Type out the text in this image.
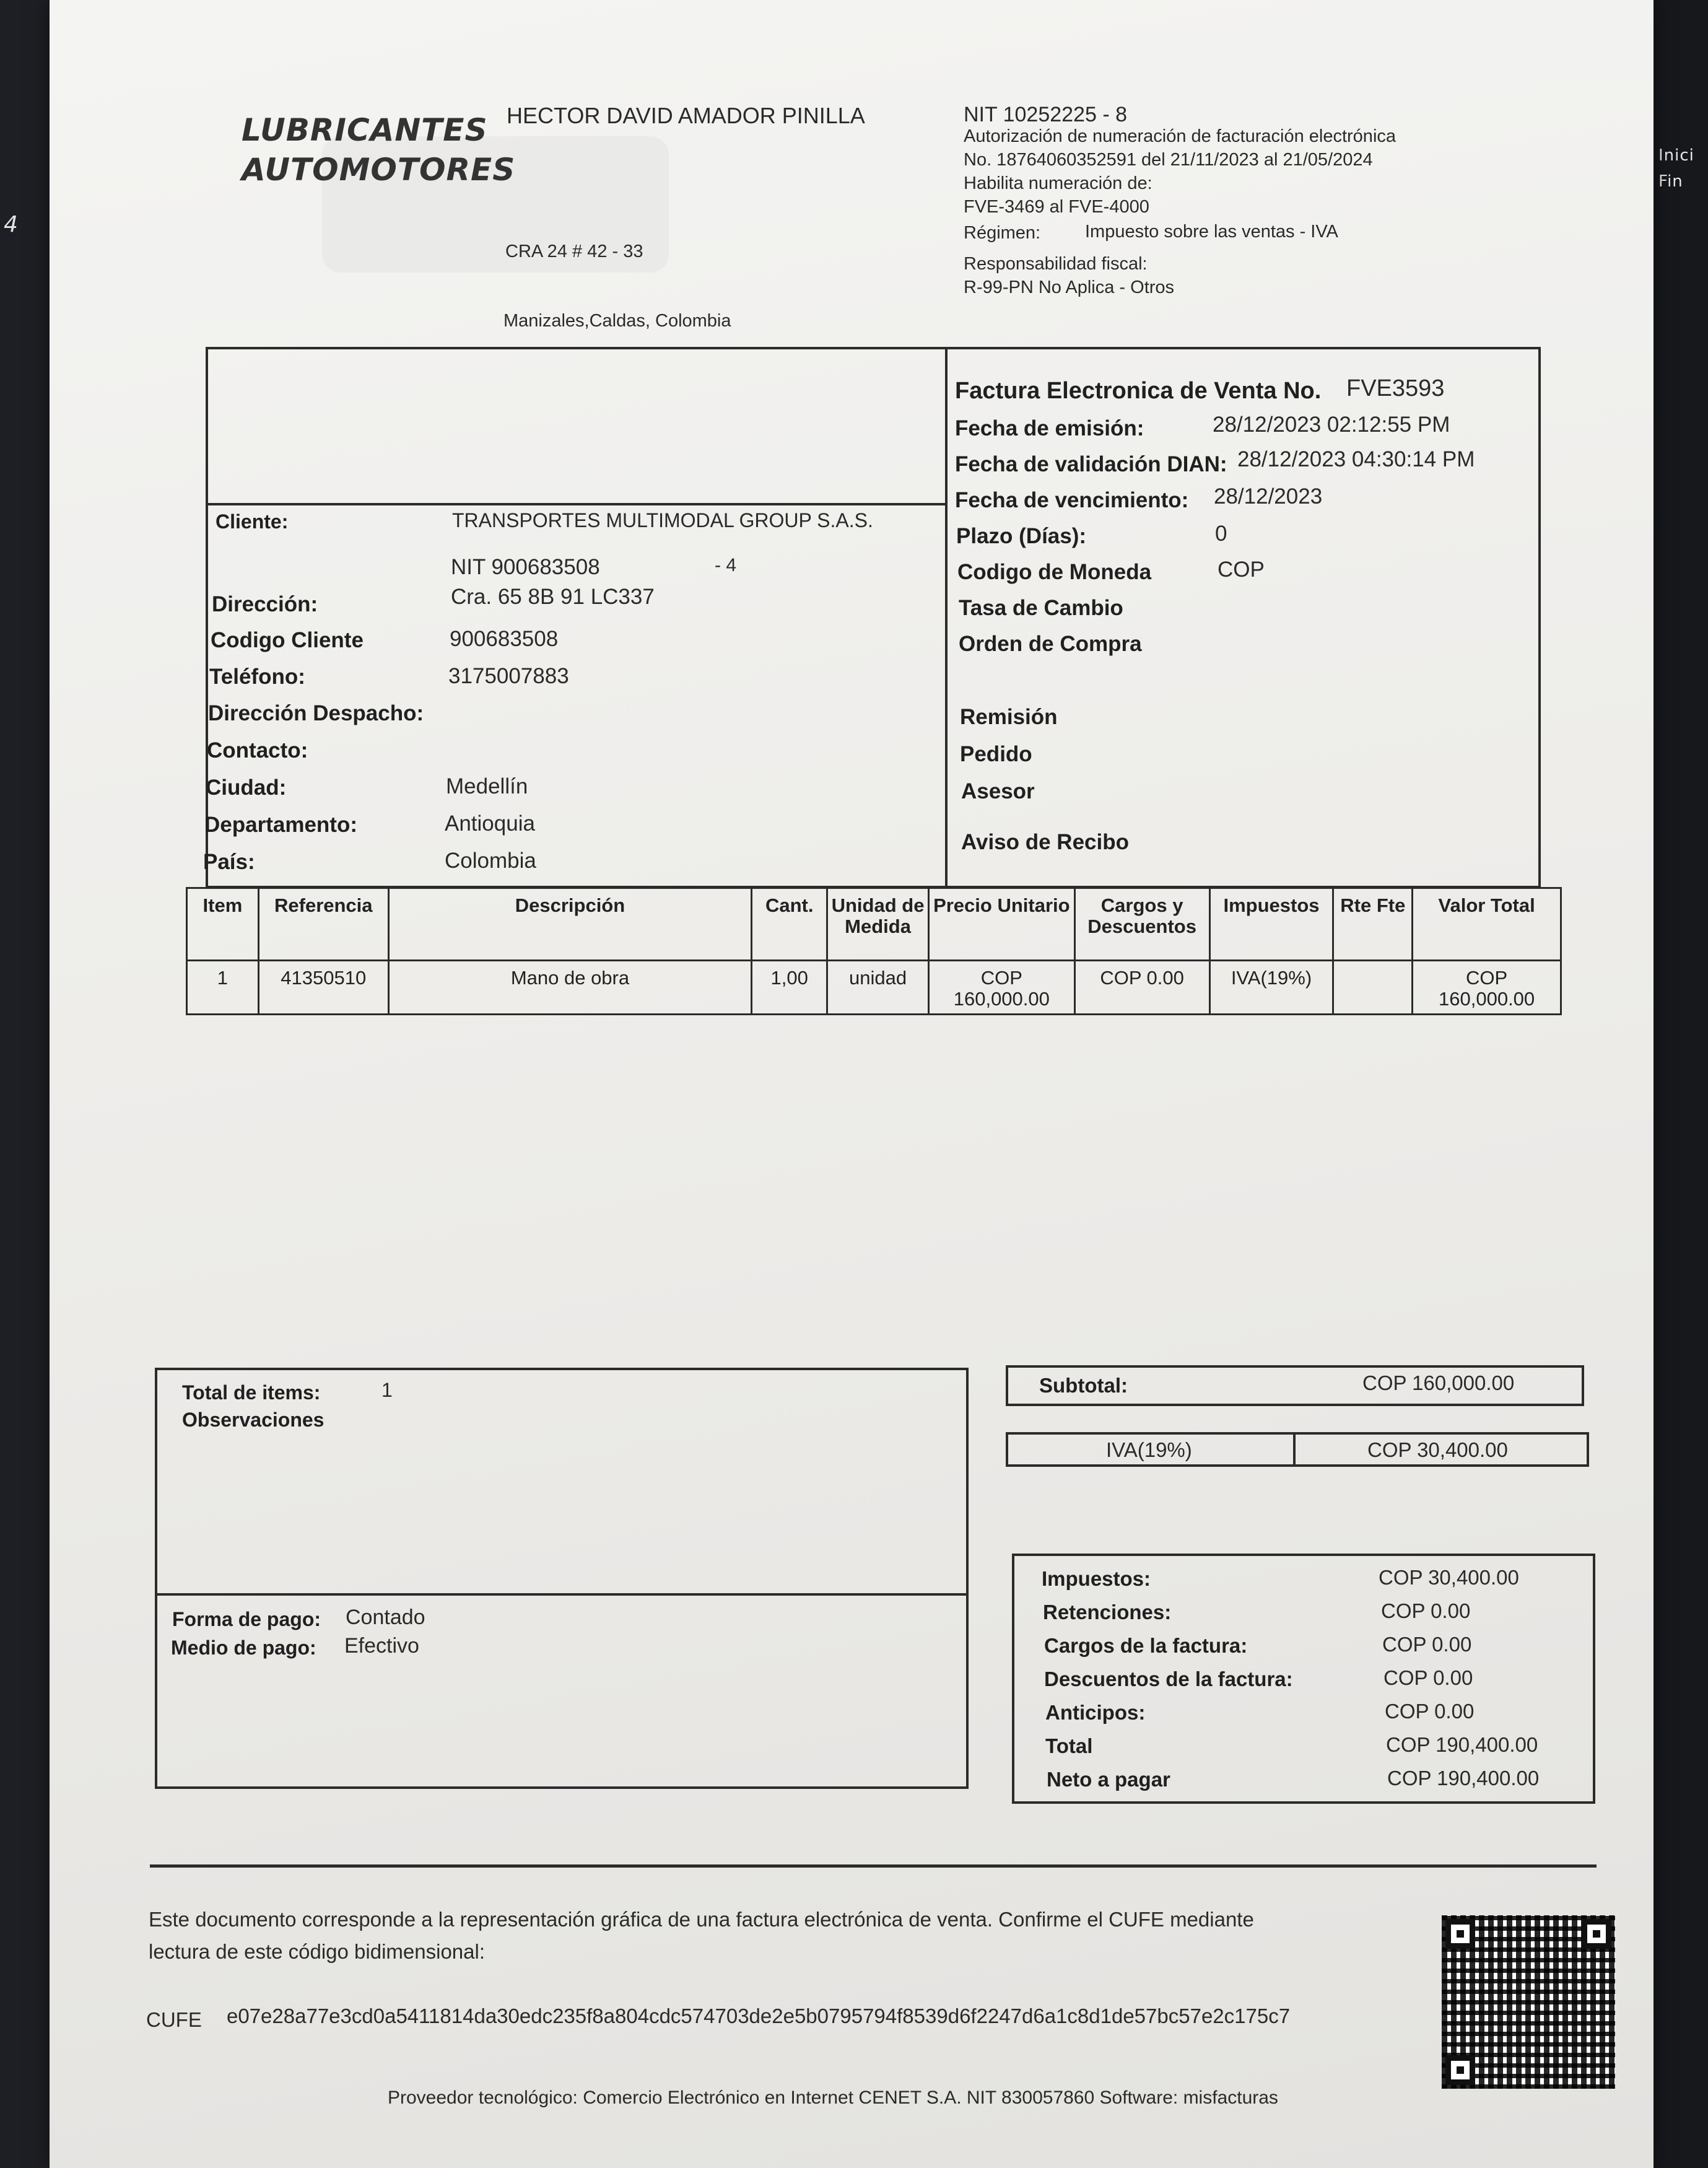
4
Inici
Fin
LUBRICANTES
AUTOMOTORES
HECTOR DAVID AMADOR PINILLA
CRA 24 # 42 - 33
Manizales,Caldas, Colombia
NIT 10252225 - 8
Autorización de numeración de facturación electrónica
No. 18764060352591 del 21/11/2023 al 21/05/2024
Habilita numeración de:
FVE-3469 al FVE-4000
Régimen: Impuesto sobre las ventas - IVA
Responsabilidad fiscal:
R-99-PN No Aplica - Otros
Cliente:	TRANSPORTES MULTIMODAL GROUP S.A.S.
NIT 900683508	- 4
Dirección:	Cra. 65 8B 91 LC337
Codigo Cliente	900683508
Teléfono:	3175007883
Dirección Despacho:
Contacto:
Ciudad:	Medellín
Departamento:	Antioquia
País:	Colombia
Factura Electronica de Venta No. FVE3593
Fecha de emisión:	28/12/2023 02:12:55 PM
Fecha de validación DIAN: 28/12/2023 04:30:14 PM
Fecha de vencimiento: 28/12/2023
Plazo (Días):	0
Codigo de Moneda	COP
Tasa de Cambio
Orden de Compra
Remisión
Pedido
Asesor
Aviso de Recibo
Item	Referencia	Descripción	Cant.	Unidad de Medida	Precio Unitario	Cargos y Descuentos	Impuestos	Rte Fte	Valor Total
1	41350510	Mano de obra	1,00	unidad	COP 160,000.00	COP 0.00	IVA(19%)		COP 160,000.00
Total de items:	1
Observaciones
Forma de pago: Contado
Medio de pago: Efectivo
Subtotal:	COP 160,000.00
IVA(19%)	COP 30,400.00
Impuestos:	COP 30,400.00
Retenciones:	COP 0.00
Cargos de la factura:	COP 0.00
Descuentos de la factura:	COP 0.00
Anticipos:	COP 0.00
Total	COP 190,400.00
Neto a pagar	COP 190,400.00
Este documento corresponde a la representación gráfica de una factura electrónica de venta. Confirme el CUFE mediante
lectura de este código bidimensional:
CUFE e07e28a77e3cd0a5411814da30edc235f8a804cdc574703de2e5b0795794f8539d6f2247d6a1c8d1de57bc57e2c175c7
Proveedor tecnológico: Comercio Electrónico en Internet CENET S.A. NIT 830057860 Software: misfacturas
